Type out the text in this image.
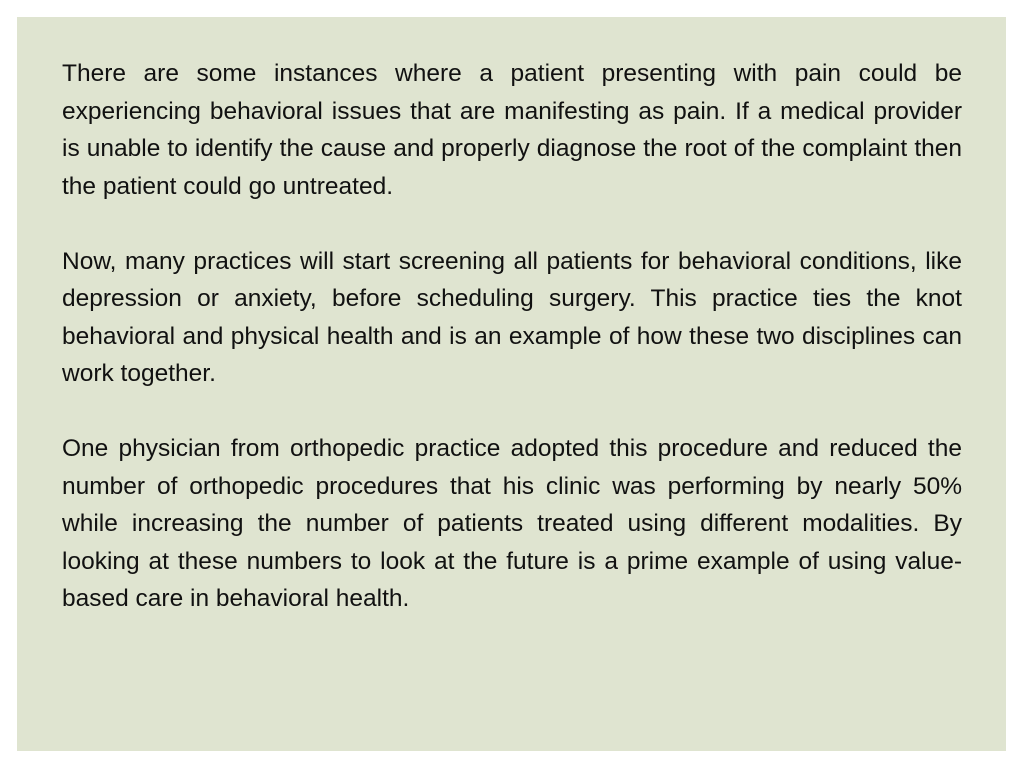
There are some instances where a patient presenting with pain could be experiencing behavioral issues that are manifesting as pain. If a medical provider is unable to identify the cause and properly diagnose the root of the complaint then the patient could go untreated.

Now, many practices will start screening all patients for behavioral conditions, like depression or anxiety, before scheduling surgery. This practice ties the knot behavioral and physical health and is an example of how these two disciplines can work together.

One physician from orthopedic practice adopted this procedure and reduced the number of orthopedic procedures that his clinic was performing by nearly 50% while increasing the number of patients treated using different modalities. By looking at these numbers to look at the future is a prime example of using value-based care in behavioral health.
